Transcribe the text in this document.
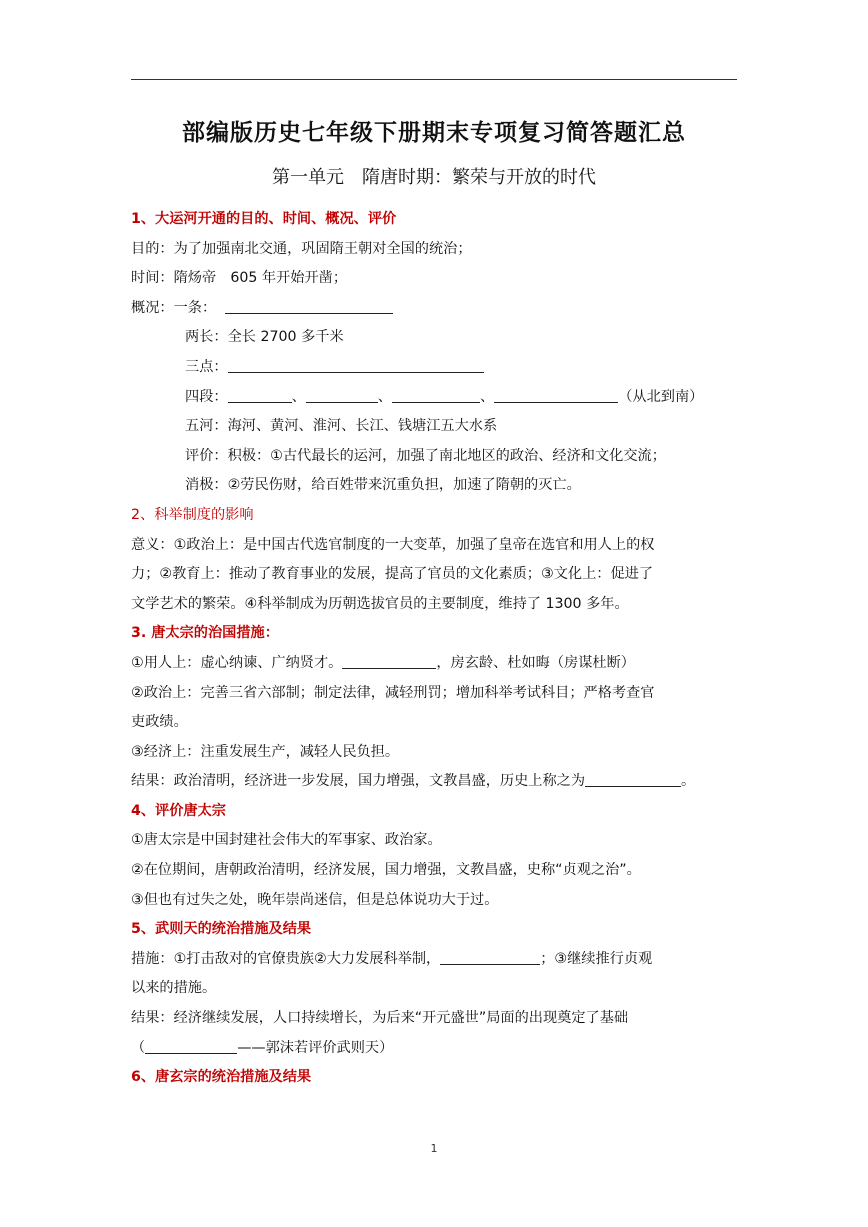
部编版历史七年级下册期末专项复习简答题汇总
第一单元　隋唐时期：繁荣与开放的时代
1、大运河开通的目的、时间、概况、评价
目的：为了加强南北交通，巩固隋王朝对全国的统治；
时间：隋炀帝　605 年开始开凿；
概况：一条：
两长：全长 2700 多千米
三点：
四段：	、	、	、	（从北到南）
五河：海河、黄河、淮河、长江、钱塘江五大水系
评价：积极：①古代最长的运河，加强了南北地区的政治、经济和文化交流；
消极：②劳民伤财，给百姓带来沉重负担，加速了隋朝的灭亡。
2、科举制度的影响
意义：①政治上：是中国古代选官制度的一大变革，加强了皇帝在选官和用人上的权
力；②教育上：推动了教育事业的发展，提高了官员的文化素质；③文化上：促进了
文学艺术的繁荣。④科举制成为历朝选拔官员的主要制度，维持了 1300 多年。
3. 唐太宗的治国措施：
①用人上：虚心纳谏、广纳贤才。	，房玄龄、杜如晦（房谋杜断）
②政治上：完善三省六部制；制定法律，减轻刑罚；增加科举考试科目；严格考查官
吏政绩。
③经济上：注重发展生产，减轻人民负担。
结果：政治清明，经济进一步发展，国力增强，文教昌盛，历史上称之为	。
4、评价唐太宗
①唐太宗是中国封建社会伟大的军事家、政治家。
②在位期间，唐朝政治清明，经济发展，国力增强，文教昌盛，史称“贞观之治”。
③但也有过失之处，晚年崇尚迷信，但是总体说功大于过。
5、武则天的统治措施及结果
措施：①打击敌对的官僚贵族②大力发展科举制，	；③继续推行贞观
以来的措施。
结果：经济继续发展，人口持续增长，为后来“开元盛世”局面的出现奠定了基础
（	——郭沫若评价武则天）
6、唐玄宗的统治措施及结果
1
